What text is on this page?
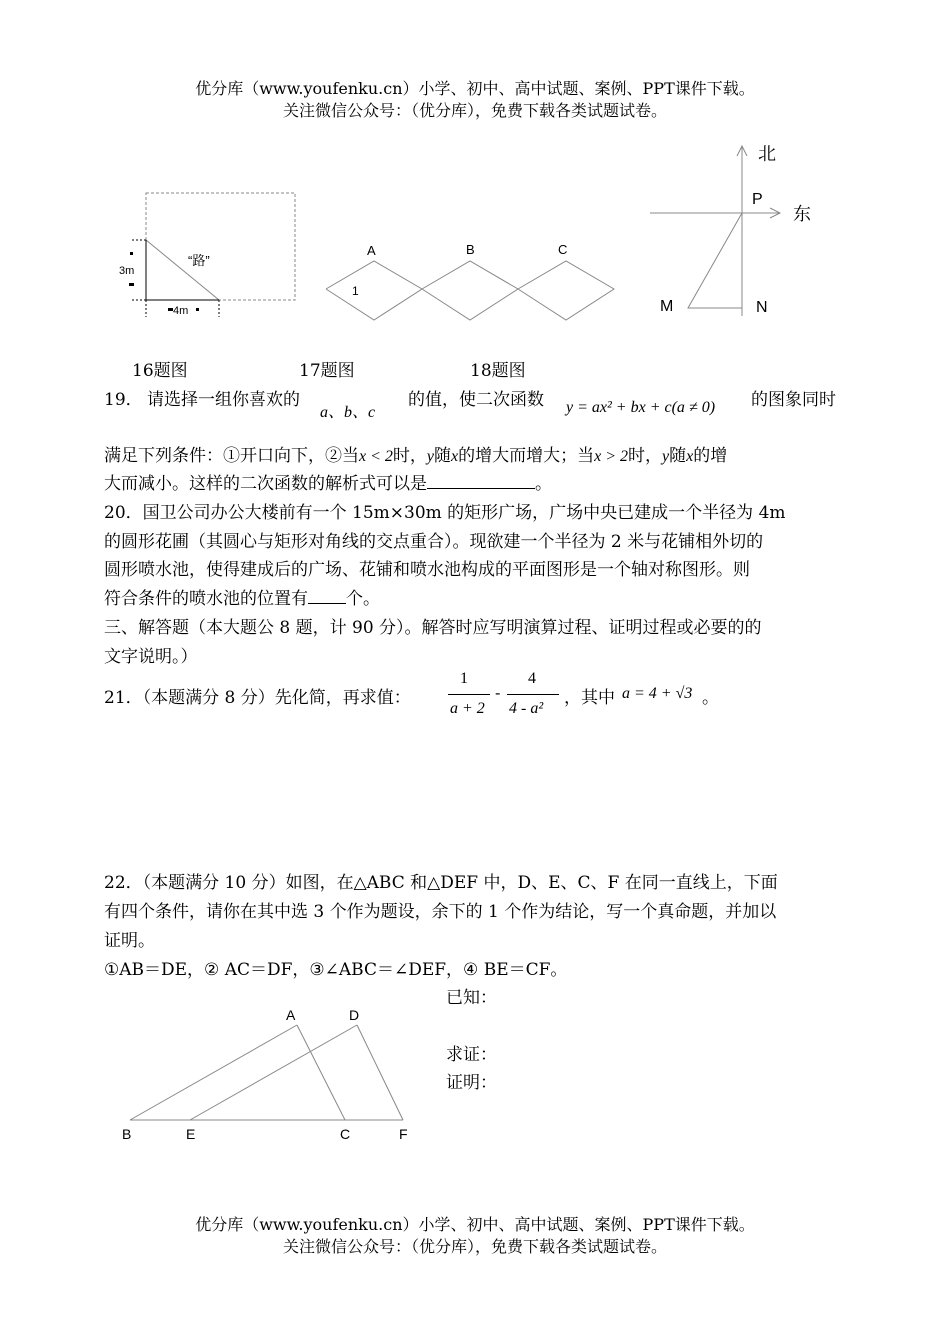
优分库（www.youfenku.cn）小学、初中、高中试题、案例、PPT课件下载。
关注微信公众号：（优分库），免费下载各类试题试卷。
“路”
3m
4m
A	B	C
1
北
东
P
M	N
16题图	17题图	18题图
19． 请选择一组你喜欢的
a、b、c
的值，使二次函数 y = ax² + bx + c(a ≠ 0) 的图象同时
满足下列条件：①开口向下，②当x < 2时，y随x的增大而增大；当x > 2时，y随x的增
大而减小。这样的二次函数的解析式可以是	。
20．国卫公司办公大楼前有一个 15m×30m 的矩形广场，广场中央已建成一个半径为 4m
的圆形花圃（其圆心与矩形对角线的交点重合）。现欲建一个半径为 2 米与花铺相外切的
圆形喷水池，使得建成后的广场、花铺和喷水池构成的平面图形是一个轴对称图形。则
符合条件的喷水池的位置有 个。
三、解答题（本大题公 8 题，计 90 分）。解答时应写明演算过程、证明过程或必要的的
文字说明。）
21．（本题满分 8 分）先化简，再求值：
1
a + 2
-
4
4 - a²
，其中 a = 4 + √3 。
22．（本题满分 10 分）如图，在△ABC 和△DEF 中，D、E、C、F 在同一直线上，下面
有四个条件，请你在其中选 3 个作为题设，余下的 1 个作为结论，写一个真命题，并加以
证明。
①AB＝DE，② AC＝DF，③∠ABC＝∠DEF，④ BE＝CF。
已知：
求证：
证明：
A	D
B	E	C	F
优分库（www.youfenku.cn）小学、初中、高中试题、案例、PPT课件下载。
关注微信公众号：（优分库），免费下载各类试题试卷。
